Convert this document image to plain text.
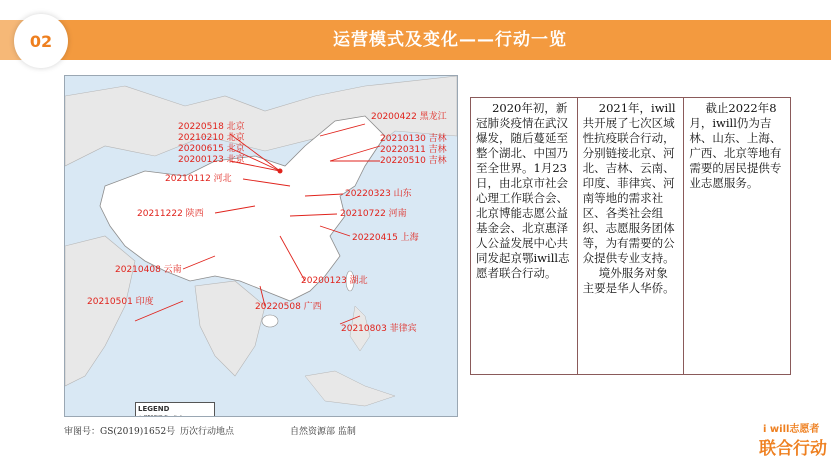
02	运营模式及变化——行动一览
LEGEND
20200422 黑龙江
20220518 北京
20210210 北京
20200615 北京
20200123 北京
20210130 吉林
20220311 吉林
20220510 吉林
20210112 河北
20220323 山东
20211222 陕西	20210722 河南
20220415 上海
20210408 云南
20200123 湖北
20210501 印度	20220508 广西
20210803 菲律宾
审图号：GS(2019)1652号 历次行动地点	自然资源部 监制

2020年初，新冠肺炎疫情在武汉爆发，随后蔓延至整个湖北、中国乃至全世界。1月23日，由北京市社会心理工作联合会、北京博能志愿公益基金会、北京惠泽人公益发展中心共同发起京鄂iwill志愿者联合行动。

2021年，iwill共开展了七次区域性抗疫联合行动，分别链接北京、河北、吉林、云南、印度、菲律宾、河南等地的需求社区、各类社会组织、志愿服务团体等，为有需要的公众提供专业支持。

境外服务对象主要是华人华侨。

截止2022年8月，iwill仍为吉林、山东、上海、广西、北京等地有需要的居民提供专业志愿服务。

i will志愿者
联合行动
